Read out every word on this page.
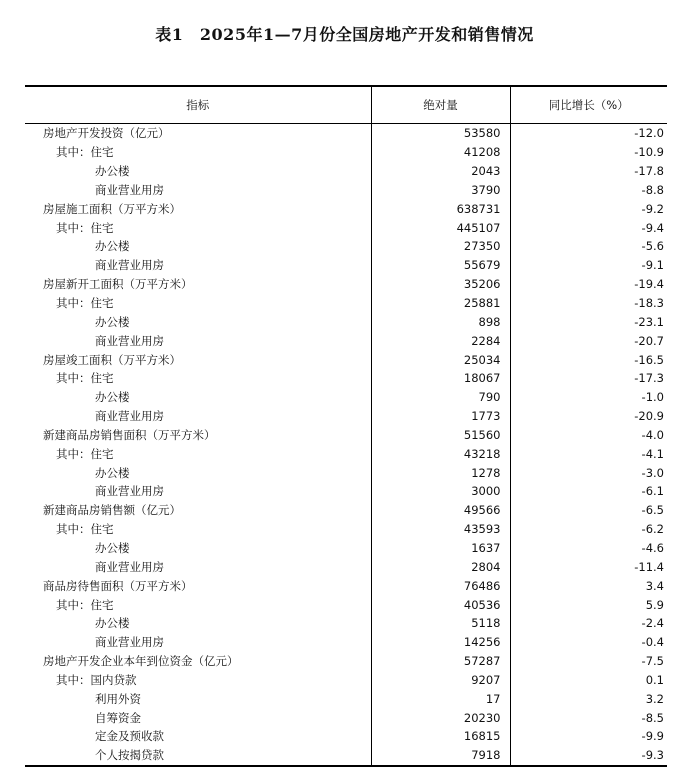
表1　2025年1—7月份全国房地产开发和销售情况
指标	绝对量	同比增长（%）
房地产开发投资（亿元）	53580	-12.0
其中：住宅	41208	-10.9
办公楼	2043	-17.8
商业营业用房	3790	-8.8
房屋施工面积（万平方米）	638731	-9.2
其中：住宅	445107	-9.4
办公楼	27350	-5.6
商业营业用房	55679	-9.1
房屋新开工面积（万平方米）	35206	-19.4
其中：住宅	25881	-18.3
办公楼	898	-23.1
商业营业用房	2284	-20.7
房屋竣工面积（万平方米）	25034	-16.5
其中：住宅	18067	-17.3
办公楼	790	-1.0
商业营业用房	1773	-20.9
新建商品房销售面积（万平方米）	51560	-4.0
其中：住宅	43218	-4.1
办公楼	1278	-3.0
商业营业用房	3000	-6.1
新建商品房销售额（亿元）	49566	-6.5
其中：住宅	43593	-6.2
办公楼	1637	-4.6
商业营业用房	2804	-11.4
商品房待售面积（万平方米）	76486	3.4
其中：住宅	40536	5.9
办公楼	5118	-2.4
商业营业用房	14256	-0.4
房地产开发企业本年到位资金（亿元）	57287	-7.5
其中：国内贷款	9207	0.1
利用外资	17	3.2
自筹资金	20230	-8.5
定金及预收款	16815	-9.9
个人按揭贷款	7918	-9.3
